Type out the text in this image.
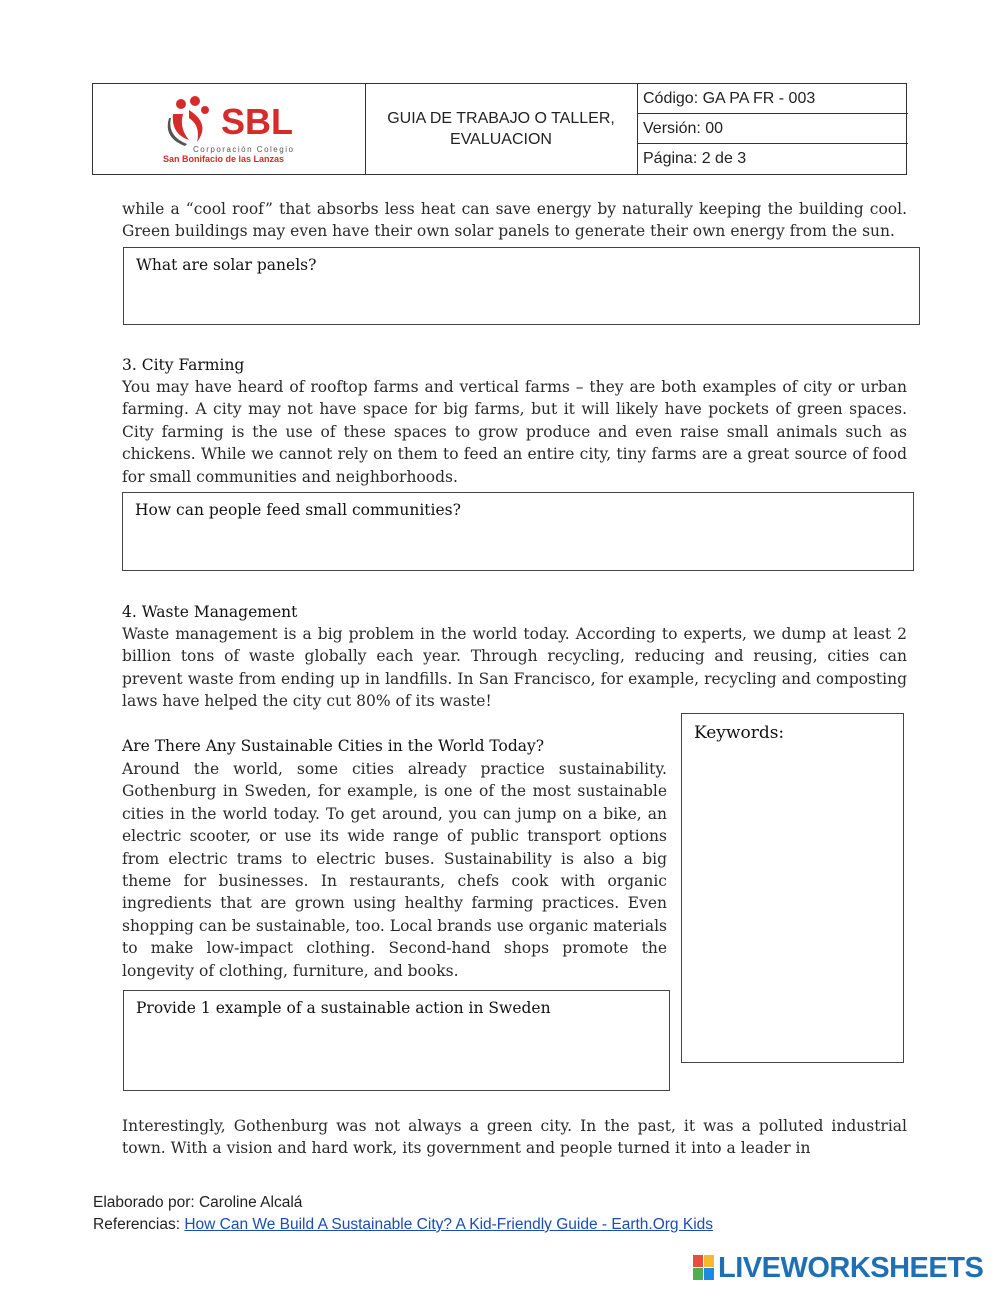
SBL
Corporación Colegio
San Bonifacio de las Lanzas
GUIA DE TRABAJO O TALLER,
EVALUACION
Código: GA PA FR - 003
Versión: 00
Página: 2 de 3
while a “cool roof” that absorbs less heat can save energy by naturally keeping the building cool. Green buildings may even have their own solar panels to generate their own energy from the sun.
What are solar panels?
3. City Farming
You may have heard of rooftop farms and vertical farms – they are both examples of city or urban farming. A city may not have space for big farms, but it will likely have pockets of green spaces. City farming is the use of these spaces to grow produce and even raise small animals such as chickens. While we cannot rely on them to feed an entire city, tiny farms are a great source of food for small communities and neighborhoods.
How can people feed small communities?
4. Waste Management
Waste management is a big problem in the world today. According to experts, we dump at least 2 billion tons of waste globally each year. Through recycling, reducing and reusing, cities can prevent waste from ending up in landfills. In San Francisco, for example, recycling and composting laws have helped the city cut 80% of its waste!
Keywords:
Are There Any Sustainable Cities in the World Today?
Around the world, some cities already practice sustainability. Gothenburg in Sweden, for example, is one of the most sustainable cities in the world today. To get around, you can jump on a bike, an electric scooter, or use its wide range of public transport options from electric trams to electric buses. Sustainability is also a big theme for businesses. In restaurants, chefs cook with organic ingredients that are grown using healthy farming practices. Even shopping can be sustainable, too. Local brands use organic materials to make low-impact clothing. Second-hand shops promote the longevity of clothing, furniture, and books.
Provide 1 example of a sustainable action in Sweden
Interestingly, Gothenburg was not always a green city. In the past, it was a polluted industrial town. With a vision and hard work, its government and people turned it into a leader in
Elaborado por: Caroline Alcalá
Referencias: How Can We Build A Sustainable City? A Kid-Friendly Guide - Earth.Org Kids
LIVEWORKSHEETS
